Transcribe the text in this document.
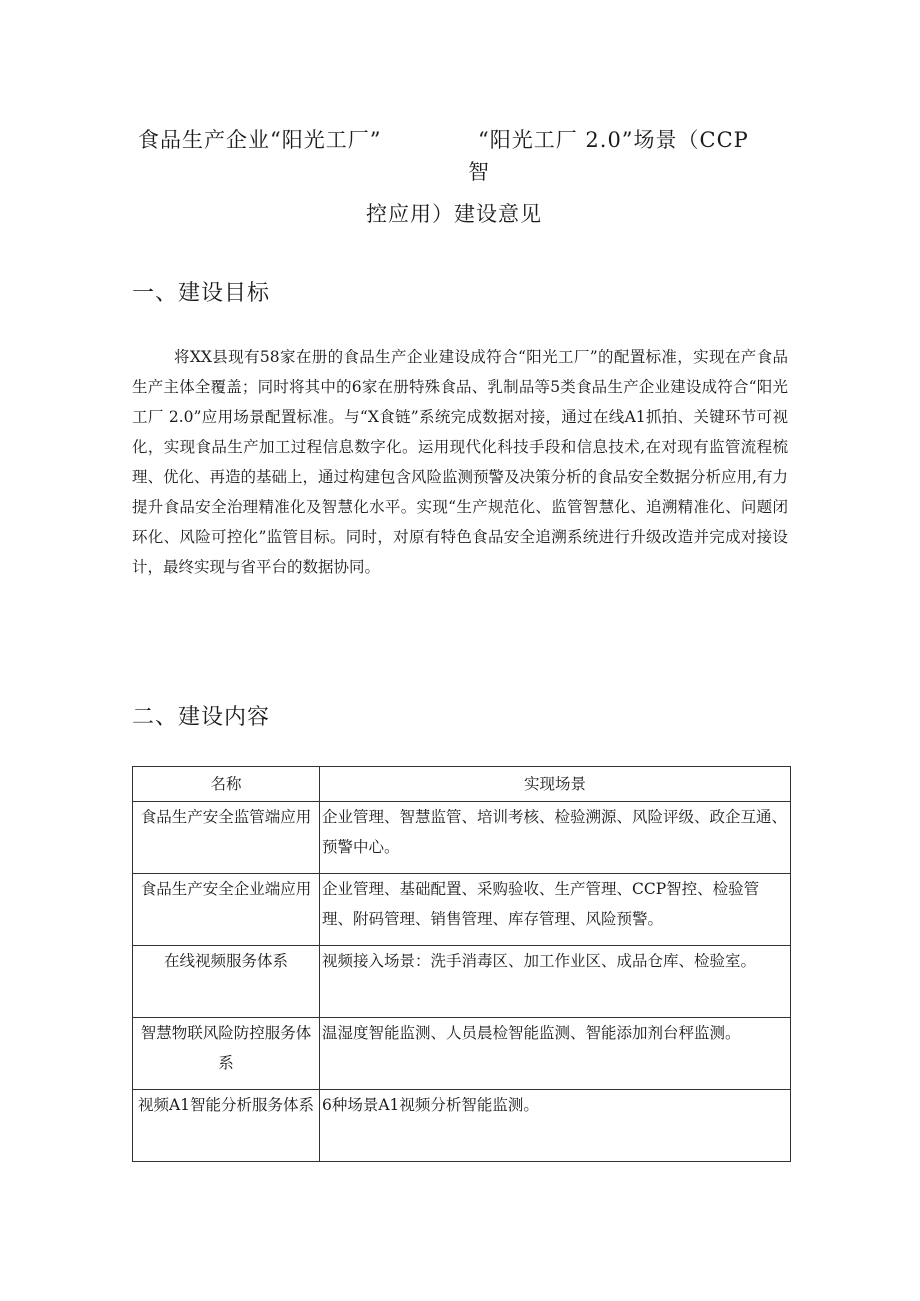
食品生产企业“阳光工厂”	“阳光工厂 2.0”场景（CCP
智
控应用）建设意见
一、建设目标

将XX县现有58家在册的食品生产企业建设成符合“阳光工厂”的配置标准，实现在产食品生产主体全覆盖；同时将其中的6家在册特殊食品、乳制品等5类食品生产企业建设成符合“阳光工厂 2.0”应用场景配置标准。与“X食链”系统完成数据对接，通过在线A1抓拍、关键环节可视化，实现食品生产加工过程信息数字化。运用现代化科技手段和信息技术,在对现有监管流程梳理、优化、再造的基础上，通过构建包含风险监测预警及决策分析的食品安全数据分析应用,有力提升食品安全治理精准化及智慧化水平。实现“生产规范化、监管智慧化、追溯精准化、问题闭环化、风险可控化”监管目标。同时，对原有特色食品安全追溯系统进行升级改造并完成对接设计，最终实现与省平台的数据协同。

二、建设内容
名称	实现场景
食品生产安全监管端应用	企业管理、智慧监管、培训考核、检验溯源、风险评级、政企互通、预警中心。
食品生产安全企业端应用	企业管理、基础配置、采购验收、生产管理、CCP智控、检验管理、附码管理、销售管理、库存管理、风险预警。
在线视频服务体系	视频接入场景：洗手消毒区、加工作业区、成品仓库、检验室。
智慧物联风险防控服务体系	温湿度智能监测、人员晨检智能监测、智能添加剂台秤监测。
视频A1智能分析服务体系	6种场景A1视频分析智能监测。
